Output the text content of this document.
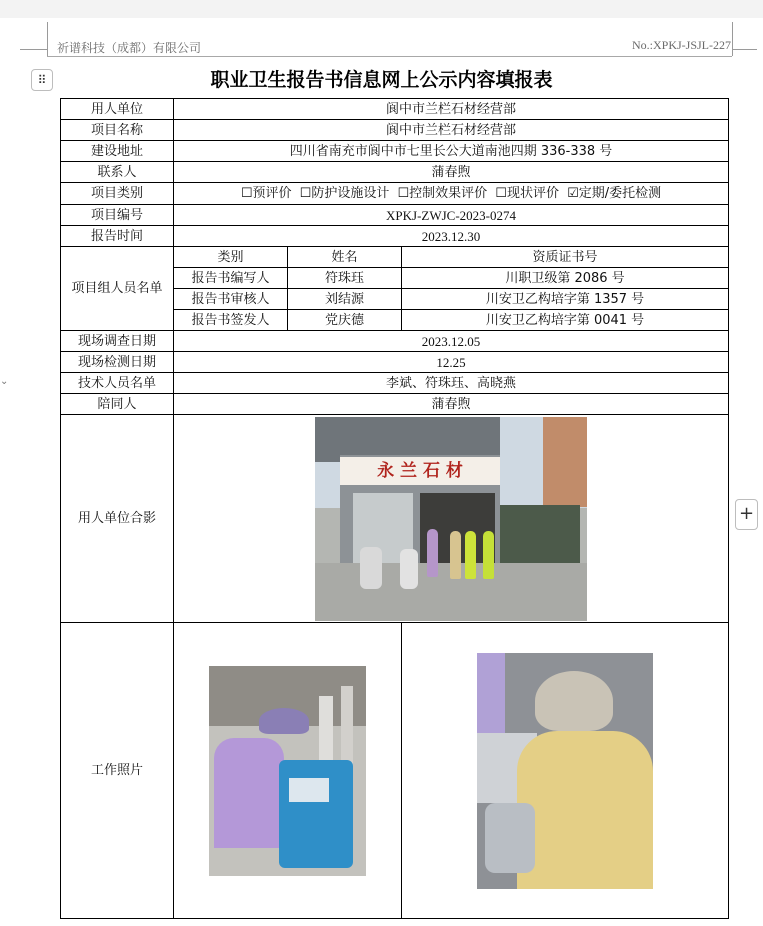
祈谱科技（成都）有限公司	No.:XPKJ-JSJL-227
⠿
⌄
+
职业卫生报告书信息网上公示内容填报表
用人单位	阆中市兰栏石材经营部		
项目名称	阆中市兰栏石材经营部		
建设地址	四川省南充市阆中市七里长公大道南池四期 336-338 号		
联系人	蒲春煦		
项目类别	☐预评价 ☐防护设施设计 ☐控制效果评价 ☐现状评价 ☑定期/委托检测		
项目编号	XPKJ-ZWJC-2023-0274		
报告时间	2023.12.30		
项目组人员名单	类别	姓名	资质证书号
	报告书编写人	符珠珏	川职卫级第 2086 号
	报告书审核人	刘结源	川安卫乙构培字第 1357 号
	报告书签发人	党庆德	川安卫乙构培字第 0041 号
现场调查日期	2023.12.05		
现场检测日期	12.25		
技术人员名单	李斌、符珠珏、高晓燕		
陪同人	蒲春煦		
用人单位合影	永 兰 石 材		

工作照片		
